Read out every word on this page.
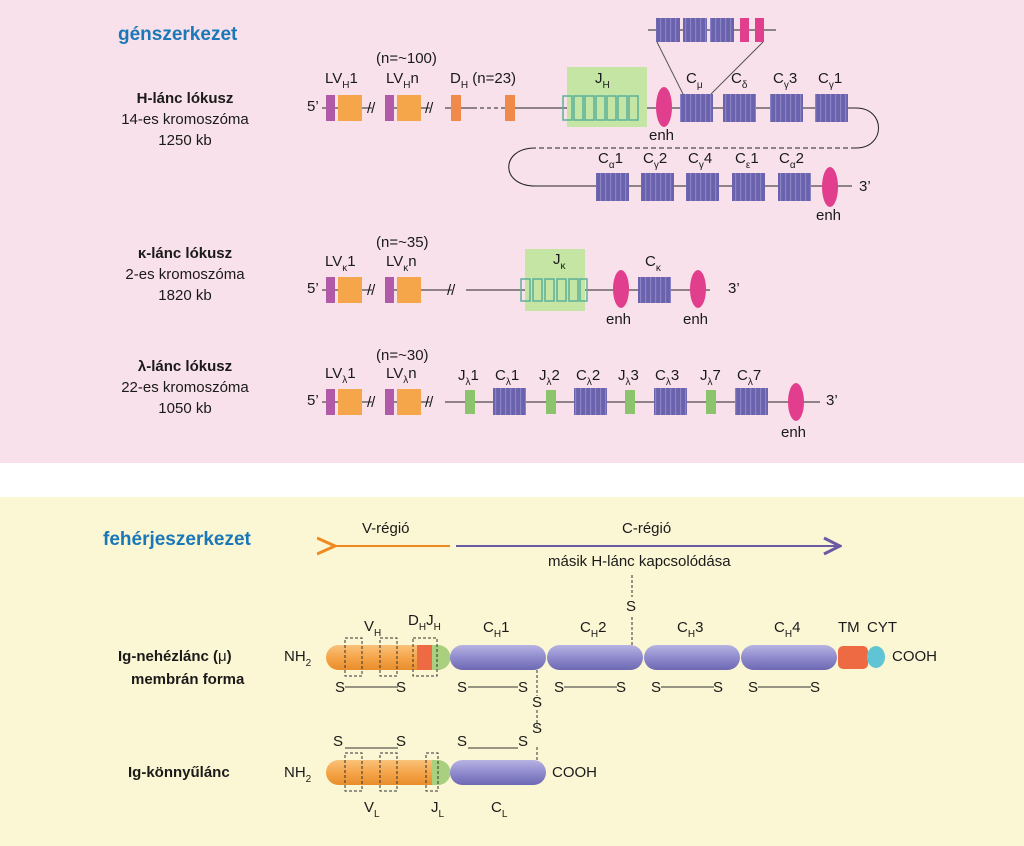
génszerkezet
fehérjeszerkezet
H-lánc lókusz
14-es kromoszóma
1250 kb
κ-lánc lókusz
2-es kromoszóma
1820 kb
λ-lánc lókusz
22-es kromoszóma
1050 kb
Ig-nehézlánc (μ)
membrán forma
Ig-könnyűlánc
//	//
//	//
//	//
5’
3’
5’	3’
5’	3’
enh
enh
enh	enh
enh
(n=~100)
$LV_H1$ $LV_Hn$ $D_H$ (n=23)	$J_H$	$C_\mu$ $C_\delta$ $C_\gamma 3$ $C_\gamma 1$
$C_\alpha 1$ $C_\gamma 2$ $C_\gamma 4$ $C_\varepsilon 1$ $C_\alpha 2$
(n=~35)
$LV_\kappa 1$ $LV_\kappa n$	$J_\kappa$	$C_\kappa$
(n=~30)
$LV_\lambda 1$ $LV_\lambda n$	$J_\lambda 1$ $C_\lambda 1$ $J_\lambda 2$ $C_\lambda 2$ $J_\lambda 3$ $C_\lambda 3$ $J_\lambda 7$ $C_\lambda 7$
V-régió	C-régió
másik H-lánc kapcsolódása
S
$NH_2$
$V_H$
$D_HJ_H$	$C_H1$	$C_H2$	$C_H3$	$C_H4$	TM CYT
COOH
S	S	S	S S	S S	S S	S
S
S	S	S	S
S
$NH_2$	COOH
$V_L$	$J_L$	$C_L$
